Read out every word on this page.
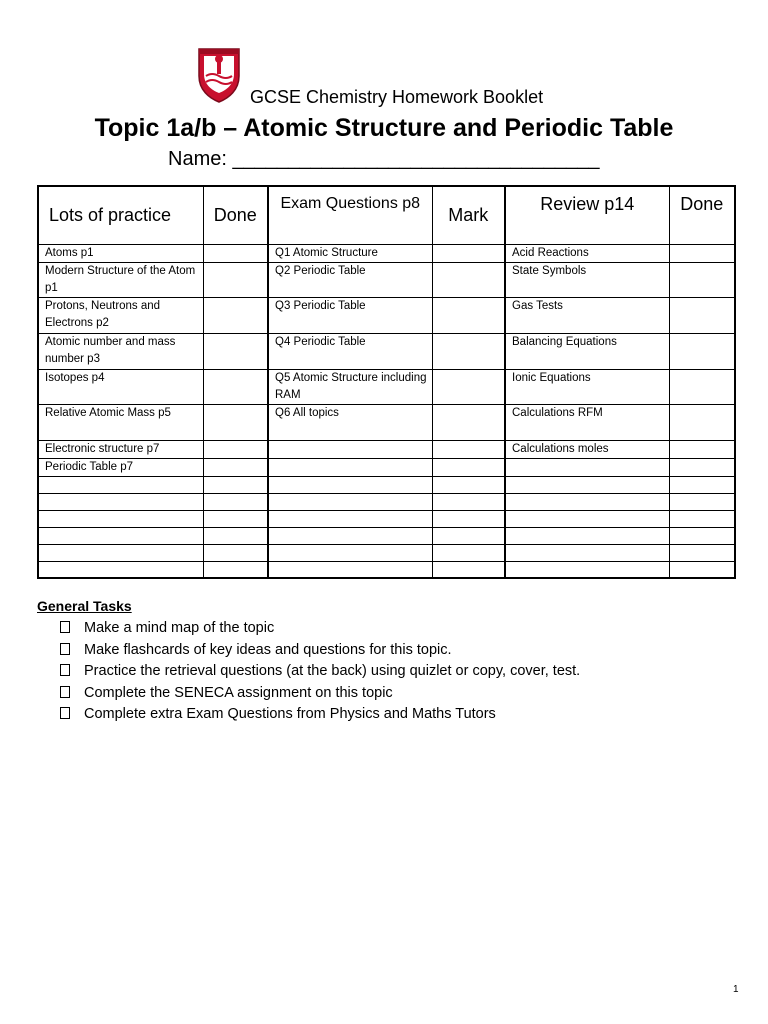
GCSE Chemistry Homework Booklet
Topic 1a/b – Atomic Structure and Periodic Table
Name: _________________________________
Lots of practice	Done	Exam Questions p8	Mark	Review p14	Done
Atoms p1		Q1 Atomic Structure		Acid Reactions	
Modern Structure of the Atom p1		Q2 Periodic Table		State Symbols	
Protons, Neutrons and Electrons p2		Q3 Periodic Table		Gas Tests	
Atomic number and mass number p3		Q4 Periodic Table		Balancing Equations	
Isotopes p4		Q5 Atomic Structure including RAM		Ionic Equations	
Relative Atomic Mass p5		Q6 All topics		Calculations RFM	
Electronic structure p7				Calculations moles	
Periodic Table p7					

General Tasks
Make a mind map of the topic
Make flashcards of key ideas and questions for this topic.
Practice the retrieval questions (at the back) using quizlet or copy, cover, test.
Complete the SENECA assignment on this topic
Complete extra Exam Questions from Physics and Maths Tutors
1
